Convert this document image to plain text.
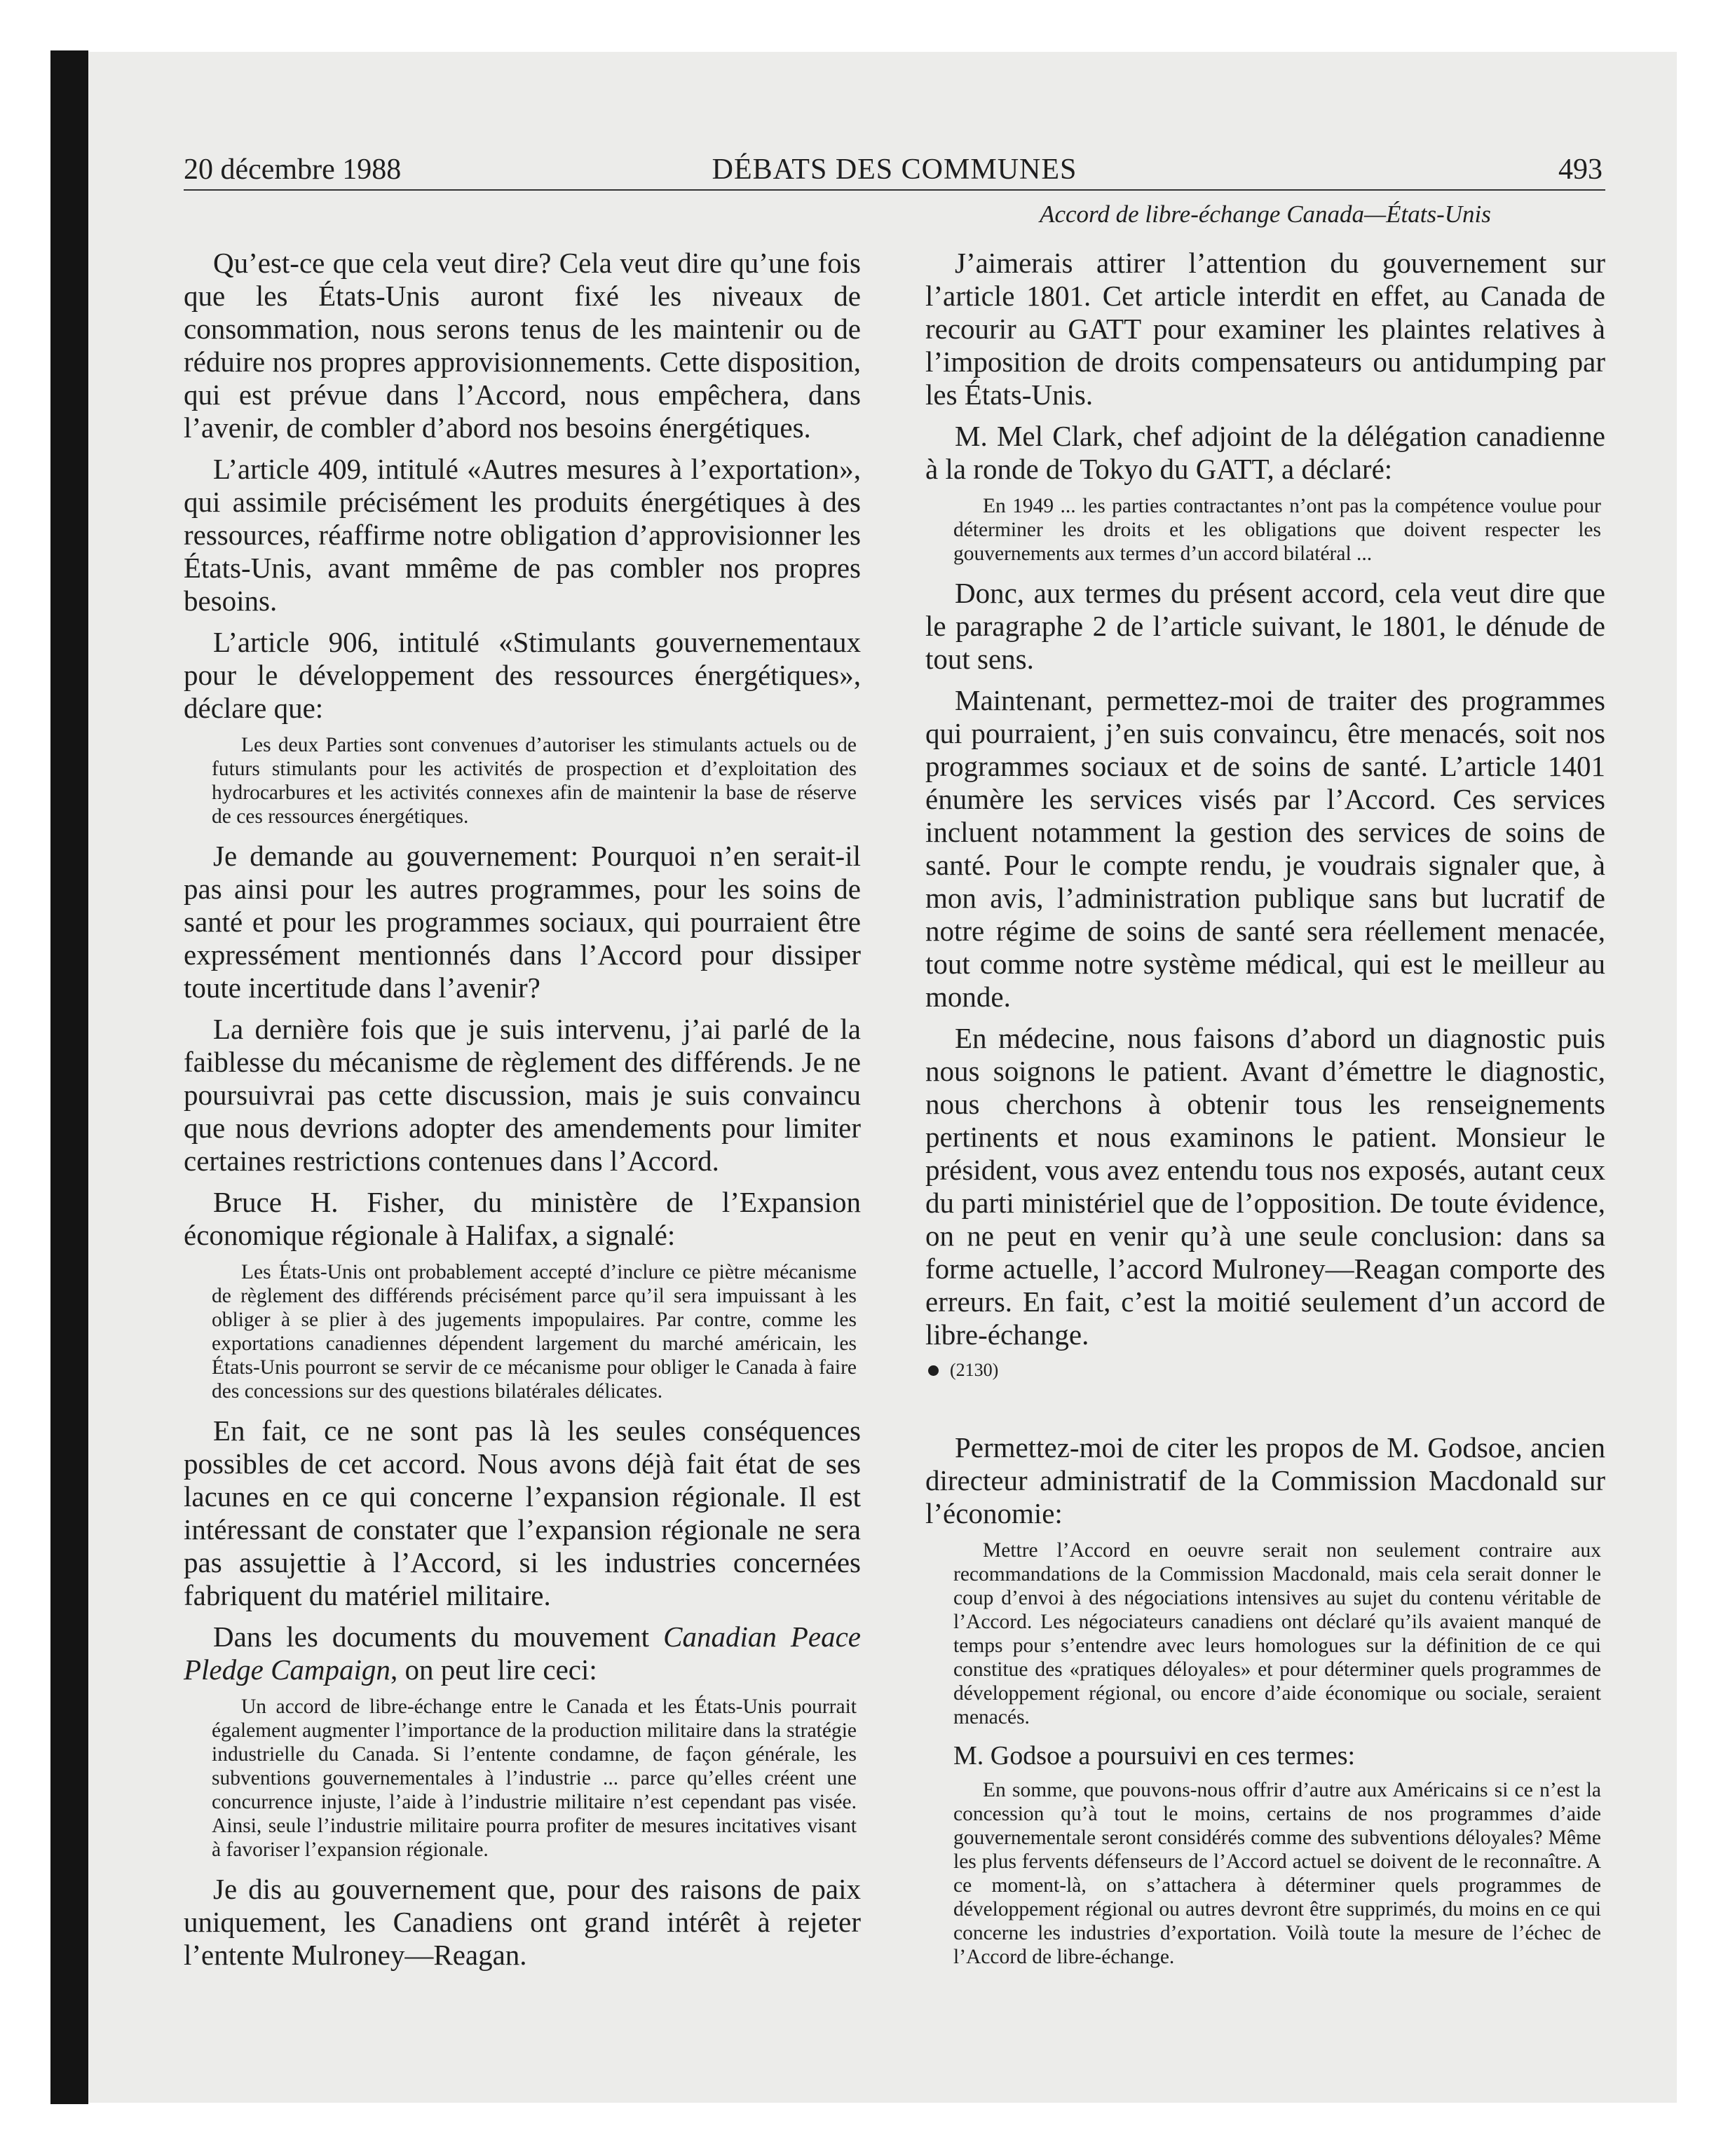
20 décembre 1988	DÉBATS DES COMMUNES	493
Accord de libre-échange Canada—États-Unis

Qu’est-ce que cela veut dire? Cela veut dire qu’une fois que les États-Unis auront fixé les niveaux de consommation, nous serons tenus de les maintenir ou de réduire nos propres approvisionnements. Cette disposition, qui est prévue dans l’Accord, nous empêchera, dans l’avenir, de combler d’abord nos besoins énergétiques.

L’article 409, intitulé «Autres mesures à l’exportation», qui assimile précisément les produits énergétiques à des ressources, réaffirme notre obligation d’approvisionner les États-Unis, avant mmême de pas combler nos propres besoins.

L’article 906, intitulé «Stimulants gouvernementaux pour le développement des ressources énergétiques», déclare que:

Les deux Parties sont convenues d’autoriser les stimulants actuels ou de futurs stimulants pour les activités de prospection et d’exploitation des hydrocarbures et les activités connexes afin de maintenir la base de réserve de ces ressources énergétiques.

Je demande au gouvernement: Pourquoi n’en serait-il pas ainsi pour les autres programmes, pour les soins de santé et pour les programmes sociaux, qui pourraient être expressément mentionnés dans l’Accord pour dissiper toute incertitude dans l’avenir?

La dernière fois que je suis intervenu, j’ai parlé de la faiblesse du mécanisme de règlement des différends. Je ne poursuivrai pas cette discussion, mais je suis convaincu que nous devrions adopter des amendements pour limiter certaines restrictions contenues dans l’Accord.

Bruce H. Fisher, du ministère de l’Expansion économique régionale à Halifax, a signalé:

Les États-Unis ont probablement accepté d’inclure ce piètre mécanisme de règlement des différends précisément parce qu’il sera impuissant à les obliger à se plier à des jugements impopulaires. Par contre, comme les exportations canadiennes dépendent largement du marché américain, les États-Unis pourront se servir de ce mécanisme pour obliger le Canada à faire des concessions sur des questions bilatérales délicates.

En fait, ce ne sont pas là les seules conséquences possibles de cet accord. Nous avons déjà fait état de ses lacunes en ce qui concerne l’expansion régionale. Il est intéressant de constater que l’expansion régionale ne sera pas assujettie à l’Accord, si les industries concernées fabriquent du matériel militaire.

Dans les documents du mouvement Canadian Peace Pledge Campaign, on peut lire ceci:

Un accord de libre-échange entre le Canada et les États-Unis pourrait également augmenter l’importance de la production militaire dans la stratégie industrielle du Canada. Si l’entente condamne, de façon générale, les subventions gouvernementales à l’industrie ... parce qu’elles créent une concurrence injuste, l’aide à l’industrie militaire n’est cependant pas visée. Ainsi, seule l’industrie militaire pourra profiter de mesures incitatives visant à favoriser l’expansion régionale.

Je dis au gouvernement que, pour des raisons de paix uniquement, les Canadiens ont grand intérêt à rejeter l’entente Mulroney—Reagan.

J’aimerais attirer l’attention du gouvernement sur l’article 1801. Cet article interdit en effet, au Canada de recourir au GATT pour examiner les plaintes relatives à l’imposition de droits compensateurs ou antidumping par les États-Unis.

M. Mel Clark, chef adjoint de la délégation canadienne à la ronde de Tokyo du GATT, a déclaré:

En 1949 ... les parties contractantes n’ont pas la compétence voulue pour déterminer les droits et les obligations que doivent respecter les gouvernements aux termes d’un accord bilatéral ...

Donc, aux termes du présent accord, cela veut dire que le paragraphe 2 de l’article suivant, le 1801, le dénude de tout sens.

Maintenant, permettez-moi de traiter des programmes qui pourraient, j’en suis convaincu, être menacés, soit nos programmes sociaux et de soins de santé. L’article 1401 énumère les services visés par l’Accord. Ces services incluent notamment la gestion des services de soins de santé. Pour le compte rendu, je voudrais signaler que, à mon avis, l’administration publique sans but lucratif de notre régime de soins de santé sera réellement menacée, tout comme notre système médical, qui est le meilleur au monde.

En médecine, nous faisons d’abord un diagnostic puis nous soignons le patient. Avant d’émettre le diagnostic, nous cherchons à obtenir tous les renseignements pertinents et nous examinons le patient. Monsieur le président, vous avez entendu tous nos exposés, autant ceux du parti ministériel que de l’opposition. De toute évidence, on ne peut en venir qu’à une seule conclusion: dans sa forme actuelle, l’accord Mulroney—Reagan comporte des erreurs. En fait, c’est la moitié seulement d’un accord de libre-échange.

(2130)

Permettez-moi de citer les propos de M. Godsoe, ancien directeur administratif de la Commission Macdonald sur l’économie:

Mettre l’Accord en oeuvre serait non seulement contraire aux recommandations de la Commission Macdonald, mais cela serait donner le coup d’envoi à des négociations intensives au sujet du contenu véritable de l’Accord. Les négociateurs canadiens ont déclaré qu’ils avaient manqué de temps pour s’entendre avec leurs homologues sur la définition de ce qui constitue des «pratiques déloyales» et pour déterminer quels programmes de développement régional, ou encore d’aide économique ou sociale, seraient menacés.
M. Godsoe a poursuivi en ces termes:
En somme, que pouvons-nous offrir d’autre aux Américains si ce n’est la concession qu’à tout le moins, certains de nos programmes d’aide gouvernementale seront considérés comme des subventions déloyales? Même les plus fervents défenseurs de l’Accord actuel se doivent de le reconnaître. A ce moment-là, on s’attachera à déterminer quels programmes de développement régional ou autres devront être supprimés, du moins en ce qui concerne les industries d’exportation. Voilà toute la mesure de l’échec de l’Accord de libre-échange.
